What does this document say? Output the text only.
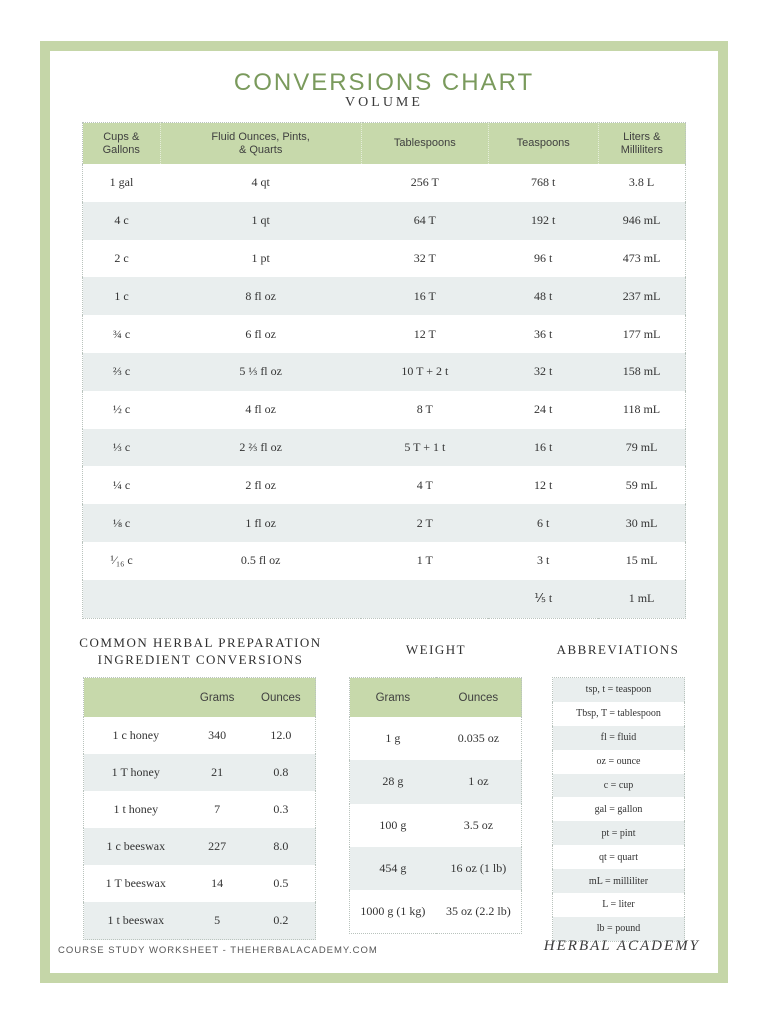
CONVERSIONS CHART
VOLUME
Cups &
Gallons	Fluid Ounces, Pints,
& Quarts	Tablespoons	Teaspoons	Liters &
Milliliters
1 gal	4 qt	256 T	768 t	3.8 L
4 c	1 qt	64 T	192 t	946 mL
2 c	1 pt	32 T	96 t	473 mL
1 c	8 fl oz	16 T	48 t	237 mL
¾ c	6 fl oz	12 T	36 t	177 mL
⅔ c	5 ⅓ fl oz	10 T + 2 t	32 t	158 mL
½ c	4 fl oz	8 T	24 t	118 mL
⅓ c	2 ⅔ fl oz	5 T + 1 t	16 t	79 mL
¼ c	2 fl oz	4 T	12 t	59 mL
⅛ c	1 fl oz	2 T	6 t	30 mL
¹⁄₁₆ c	0.5 fl oz	1 T	3 t	15 mL
			⅕ t	1 mL
COMMON HERBAL PREPARATION
INGREDIENT CONVERSIONS
WEIGHT	ABBREVIATIONS
	Grams	Ounces
1 c honey	340	12.0
1 T honey	21	0.8
1 t honey	7	0.3
1 c beeswax	227	8.0
1 T beeswax	14	0.5
1 t beeswax	5	0.2
Grams	Ounces
1 g	0.035 oz
28 g	1 oz
100 g	3.5 oz
454 g	16 oz (1 lb)
1000 g (1 kg)	35 oz (2.2 lb)
tsp, t = teaspoon
Tbsp, T = tablespoon
fl = fluid
oz = ounce
c = cup
gal = gallon
pt = pint
qt = quart
mL = milliliter
L = liter
lb = pound
COURSE STUDY WORKSHEET - THEHERBALACADEMY.COM	HERBAL ACADEMY
